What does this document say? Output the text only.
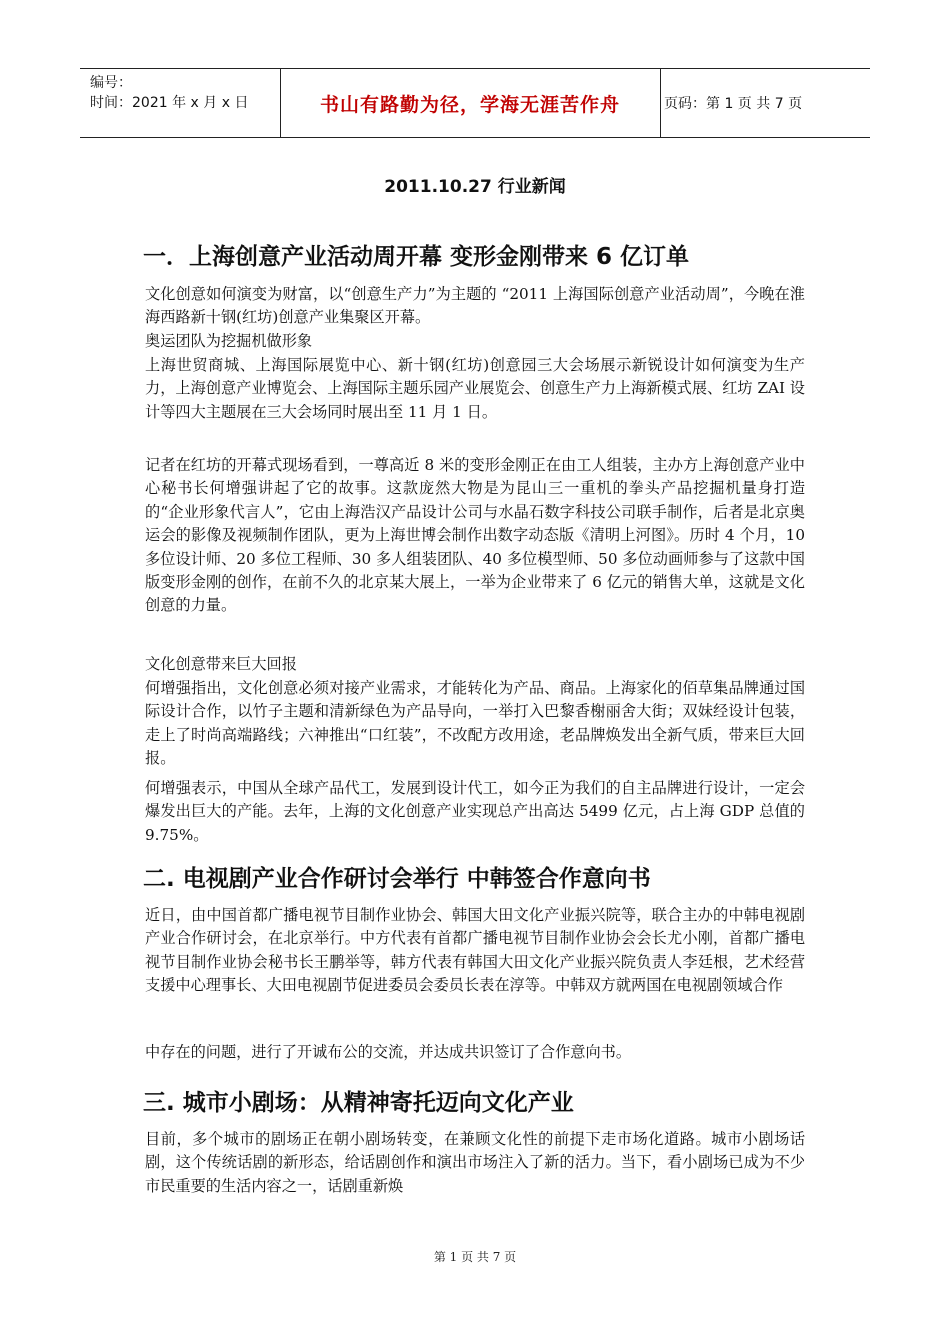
编号：
时间：2021 年 x 月 x 日	书山有路勤为径，学海无涯苦作舟	页码：第 1 页 共 7 页
2011.10.27 行业新闻
一．上海创意产业活动周开幕 变形金刚带来 6 亿订单

文化创意如何演变为财富，以“创意生产力”为主题的 “2011 上海国际创意产业活动周”，今晚在淮海西路新十钢(红坊)创意产业集聚区开幕。

奥运团队为挖掘机做形象

上海世贸商城、上海国际展览中心、新十钢(红坊)创意园三大会场展示新锐设计如何演变为生产力，上海创意产业博览会、上海国际主题乐园产业展览会、创意生产力上海新模式展、红坊 ZAI 设计等四大主题展在三大会场同时展出至 11 月 1 日。

记者在红坊的开幕式现场看到，一尊高近 8 米的变形金刚正在由工人组装，主办方上海创意产业中心秘书长何增强讲起了它的故事。这款庞然大物是为昆山三一重机的拳头产品挖掘机量身打造的“企业形象代言人”，它由上海浩汉产品设计公司与水晶石数字科技公司联手制作，后者是北京奥运会的影像及视频制作团队，更为上海世博会制作出数字动态版《清明上河图》。历时 4 个月，10 多位设计师、20 多位工程师、30 多人组装团队、40 多位模型师、50 多位动画师参与了这款中国版变形金刚的创作，在前不久的北京某大展上，一举为企业带来了 6 亿元的销售大单，这就是文化创意的力量。

文化创意带来巨大回报

何增强指出，文化创意必须对接产业需求，才能转化为产品、商品。上海家化的佰草集品牌通过国际设计合作，以竹子主题和清新绿色为产品导向，一举打入巴黎香榭丽舍大街；双妹经设计包装，走上了时尚高端路线；六神推出“口红装”，不改配方改用途，老品牌焕发出全新气质，带来巨大回报。

何增强表示，中国从全球产品代工，发展到设计代工，如今正为我们的自主品牌进行设计，一定会爆发出巨大的产能。去年，上海的文化创意产业实现总产出高达 5499 亿元，占上海 GDP 总值的 9.75%。

二. 电视剧产业合作研讨会举行 中韩签合作意向书

近日，由中国首都广播电视节目制作业协会、韩国大田文化产业振兴院等，联合主办的中韩电视剧产业合作研讨会，在北京举行。中方代表有首都广播电视节目制作业协会会长尤小刚，首都广播电视节目制作业协会秘书长王鹏举等，韩方代表有韩国大田文化产业振兴院负责人李廷根，艺术经营支援中心理事长、大田电视剧节促进委员会委员长表在淳等。中韩双方就两国在电视剧领域合作

中存在的问题，进行了开诚布公的交流，并达成共识签订了合作意向书。

三. 城市小剧场：从精神寄托迈向文化产业

目前，多个城市的剧场正在朝小剧场转变，在兼顾文化性的前提下走市场化道路。城市小剧场话剧，这个传统话剧的新形态，给话剧创作和演出市场注入了新的活力。当下，看小剧场已成为不少市民重要的生活内容之一，话剧重新焕

第 1 页 共 7 页
